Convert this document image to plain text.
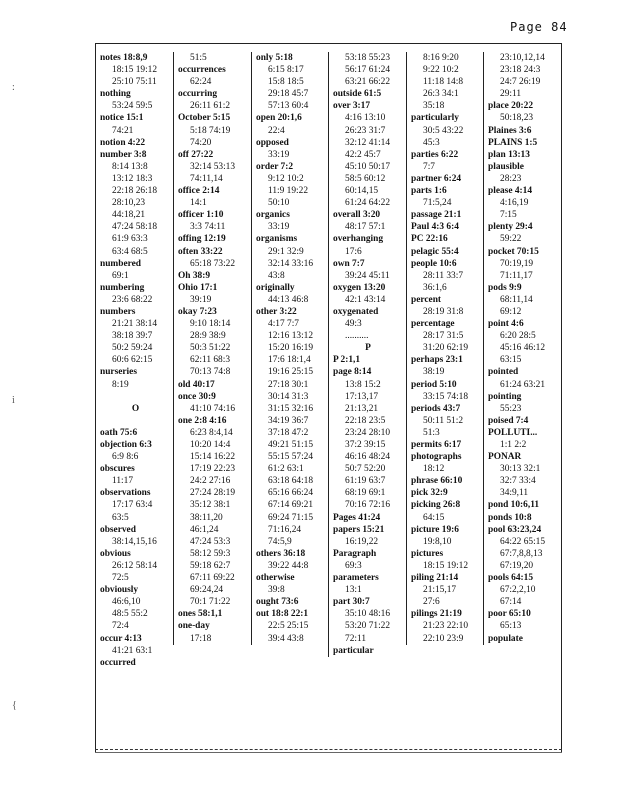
Page 84
:
i
{
notes 18:8,9
18:15 19:12
25:10 75:11
nothing
53:24 59:5
notice 15:1
74:21
notion 4:22
number 3:8
8:14 13:8
13:12 18:3
22:18 26:18
28:10,23
44:18,21
47:24 58:18
61:9 63:3
63:4 68:5
numbered
69:1
numbering
23:6 68:22
numbers
21:21 38:14
38:18 39:7
50:2 59:24
60:6 62:15
nurseries
8:19
O
oath 75:6
objection 6:3
6:9 8:6
obscures
11:17
observations
17:17 63:4
63:5
observed
38:14,15,16
obvious
26:12 58:14
72:5
obviously
46:6,10
48:5 55:2
72:4
occur 4:13
41:21 63:1
occurred
51:5
occurrences
62:24
occurring
26:11 61:2
October 5:15
5:18 74:19
74:20
off 27:22
32:14 53:13
74:11,14
office 2:14
14:1
officer 1:10
3:3 74:11
offing 12:19
often 33:22
65:18 73:22
Oh 38:9
Ohio 17:1
39:19
okay 7:23
9:10 18:14
28:9 38:9
50:3 51:22
62:11 68:3
70:13 74:8
old 40:17
once 30:9
41:10 74:16
one 2:8 4:16
6:23 8:4,14
10:20 14:4
15:14 16:22
17:19 22:23
24:2 27:16
27:24 28:19
35:12 38:1
38:11,20
46:1,24
47:24 53:3
58:12 59:3
59:18 62:7
67:11 69:22
69:24,24
70:1 71:22
ones 58:1,1
one-day
17:18
only 5:18
6:15 8:17
15:8 18:5
29:18 45:7
57:13 60:4
open 20:1,6
22:4
opposed
33:19
order 7:2
9:12 10:2
11:9 19:22
50:10
organics
33:19
organisms
29:1 32:9
32:14 33:16
43:8
originally
44:13 46:8
other 3:22
4:17 7:7
12:16 13:12
15:20 16:19
17:6 18:1,4
19:16 25:15
27:18 30:1
30:14 31:3
31:15 32:16
34:19 36:7
37:18 47:2
49:21 51:15
55:15 57:24
61:2 63:1
63:18 64:18
65:16 66:24
67:14 69:21
69:24 71:15
71:16,24
74:5,9
others 36:18
39:22 44:8
otherwise
39:8
ought 73:6
out 18:8 22:1
22:5 25:15
39:4 43:8
53:18 55:23
56:17 61:24
63:21 66:22
outside 61:5
over 3:17
4:16 13:10
26:23 31:7
32:12 41:14
42:2 45:7
45:10 50:17
58:5 60:12
60:14,15
61:24 64:22
overall 3:20
48:17 57:1
overhanging
17:6
own 7:7
39:24 45:11
oxygen 13:20
42:1 43:14
oxygenated
49:3
..........
P
P 2:1,1
page 8:14
13:8 15:2
17:13,17
21:13,21
22:18 23:5
23:24 28:10
37:2 39:15
46:16 48:24
50:7 52:20
61:19 63:7
68:19 69:1
70:16 72:16
Pages 41:24
papers 15:21
16:19,22
Paragraph
69:3
parameters
13:1
part 30:7
35:10 48:16
53:20 71:22
72:11
particular
8:16 9:20
9:22 10:2
11:18 14:8
26:3 34:1
35:18
particularly
30:5 43:22
45:3
parties 6:22
7:7
partner 6:24
parts 1:6
71:5,24
passage 21:1
Paul 4:3 6:4
PC 22:16
pelagic 55:4
people 10:6
28:11 33:7
36:1,6
percent
28:19 31:8
percentage
28:17 31:5
31:20 62:19
perhaps 23:1
38:19
period 5:10
33:15 74:18
periods 43:7
50:11 51:2
51:3
permits 6:17
photographs
18:12
phrase 66:10
pick 32:9
picking 26:8
64:15
picture 19:6
19:8,10
pictures
18:15 19:12
piling 21:14
21:15,17
27:6
pilings 21:19
21:23 22:10
22:10 23:9
23:10,12,14
23:18 24:3
24:7 26:19
29:11
place 20:22
50:18,23
Plaines 3:6
PLAINS 1:5
plan 13:13
plausible
28:23
please 4:14
4:16,19
7:15
plenty 29:4
59:22
pocket 70:15
70:19,19
71:11,17
pods 9:9
68:11,14
69:12
point 4:6
6:20 28:5
45:16 46:12
63:15
pointed
61:24 63:21
pointing
55:23
poised 7:4
POLLUTI...
1:1 2:2
PONAR
30:13 32:1
32:7 33:4
34:9,11
pond 10:6,11
ponds 10:8
pool 63:23,24
64:22 65:15
67:7,8,8,13
67:19,20
pools 64:15
67:2,2,10
67:14
poor 65:10
65:13
populate
